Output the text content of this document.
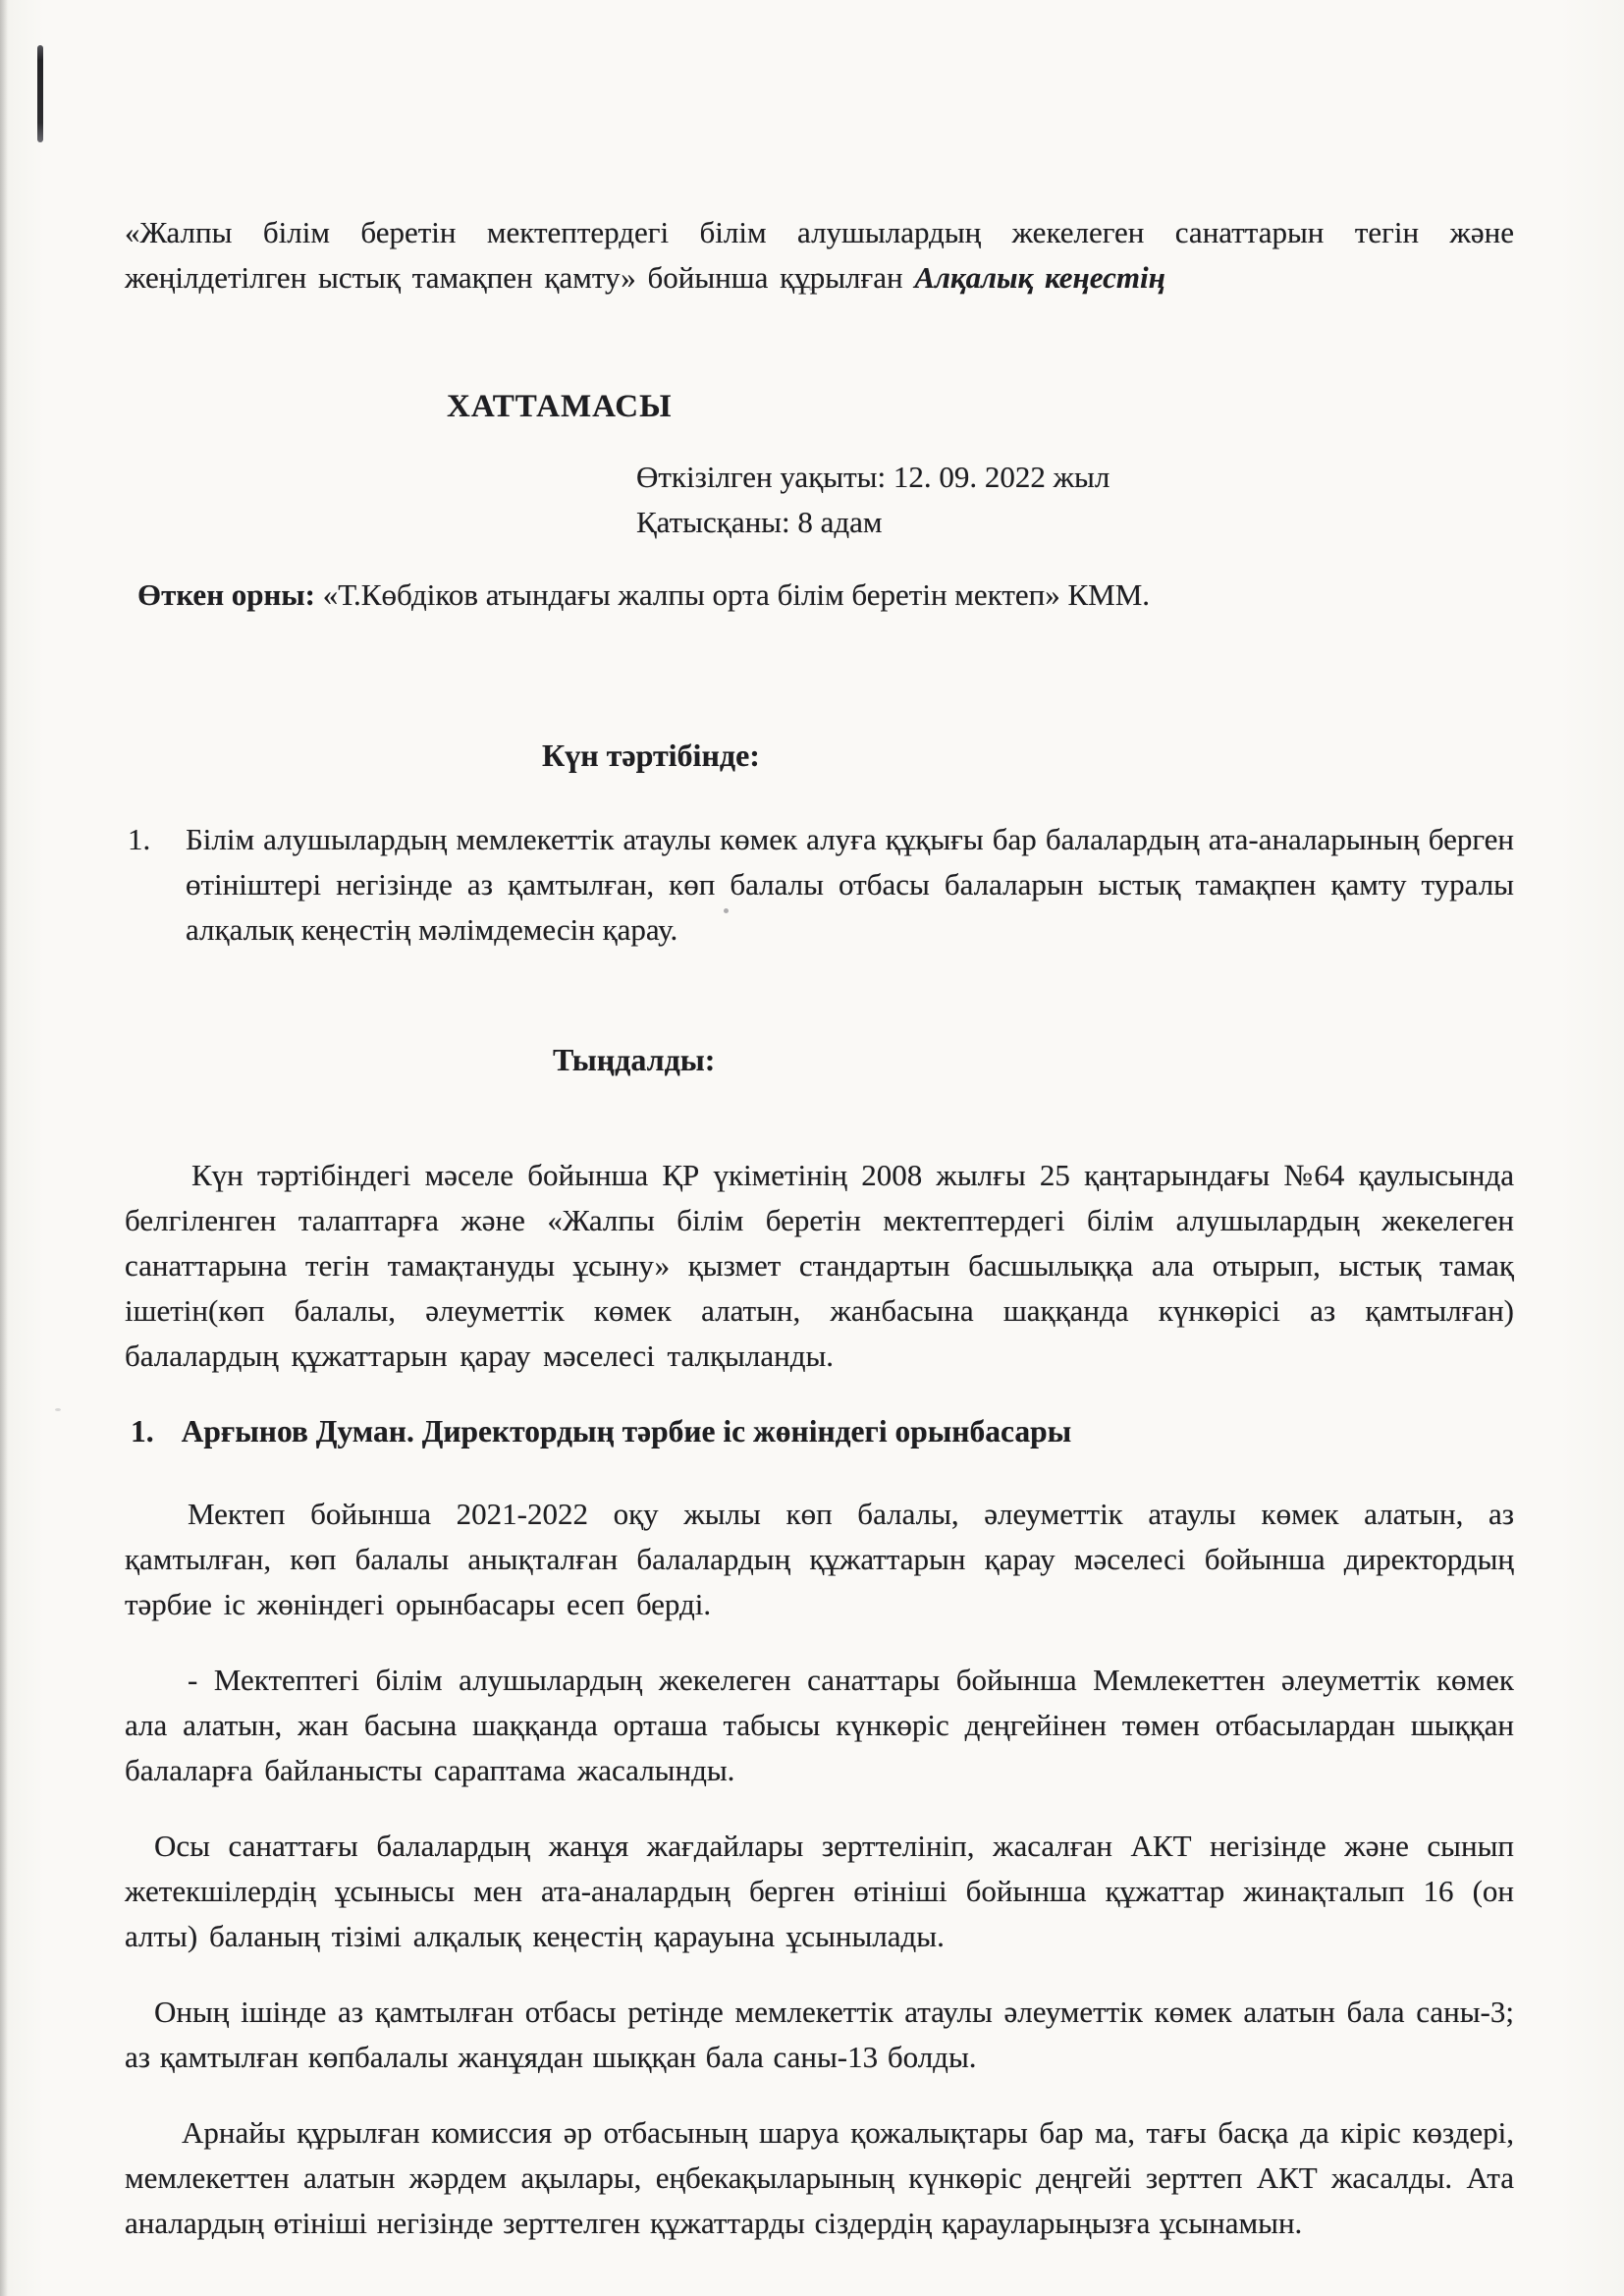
«Жалпы білім беретін мектептердегі білім алушылардың жекелеген санаттарын тегін және жеңілдетілген ыстық тамақпен қамту» бойынша құрылған Алқалық кеңестің

ХАТТАМАСЫ
Өткізілген уақыты: 12. 09. 2022 жыл
Қатысқаны: 8 адам

Өткен орны: «Т.Көбдіков атындағы жалпы орта білім беретін мектеп» КММ.

Күн тәртібінде:
1.	Білім алушылардың мемлекеттік атаулы көмек алуға құқығы бар балалардың ата-аналарының берген өтініштері негізінде аз қамтылған, көп балалы отбасы балаларын ыстық тамақпен қамту туралы алқалық кеңестің мәлімдемесін қарау.
Тыңдалды:

Күн тәртібіндегі мәселе бойынша ҚР үкіметінің 2008 жылғы 25 қаңтарындағы №64 қаулысында белгіленген талаптарға және «Жалпы білім беретін мектептердегі білім алушылардың жекелеген санаттарына тегін тамақтануды ұсыну» қызмет стандартын басшылыққа ала отырып, ыстық тамақ ішетін(көп балалы, әлеуметтік көмек алатын, жанбасына шаққанда күнкөрісі аз қамтылған) балалардың құжаттарын қарау мәселесі талқыланды.

1. Арғынов Думан. Директордың тәрбие іс жөніндегі орынбасары

Мектеп бойынша 2021-2022 оқу жылы көп балалы, әлеуметтік атаулы көмек алатын, аз қамтылған, көп балалы анықталған балалардың құжаттарын қарау мәселесі бойынша директордың тәрбие іс жөніндегі орынбасары есеп берді.

- Мектептегі білім алушылардың жекелеген санаттары бойынша Мемлекеттен әлеуметтік көмек ала алатын, жан басына шаққанда орташа табысы күнкөріс деңгейінен төмен отбасылардан шыққан балаларға байланысты сараптама жасалынды.

Осы санаттағы балалардың жанұя жағдайлары зерттелініп, жасалған АКТ негізінде және сынып жетекшілердің ұсынысы мен ата-аналардың берген өтініші бойынша құжаттар жинақталып 16 (он алты) баланың тізімі алқалық кеңестің қарауына ұсынылады.

Оның ішінде аз қамтылған отбасы ретінде мемлекеттік атаулы әлеуметтік көмек алатын бала саны-3; аз қамтылған көпбалалы жанұядан шыққан бала саны-13 болды.

Арнайы құрылған комиссия әр отбасының шаруа қожалықтары бар ма, тағы басқа да кіріс көздері, мемлекеттен алатын жәрдем ақылары, еңбекақыларының күнкөріс деңгейі зерттеп АКТ жасалды. Ата аналардың өтініші негізінде зерттелген құжаттарды сіздердің қарауларыңызға ұсынамын.
